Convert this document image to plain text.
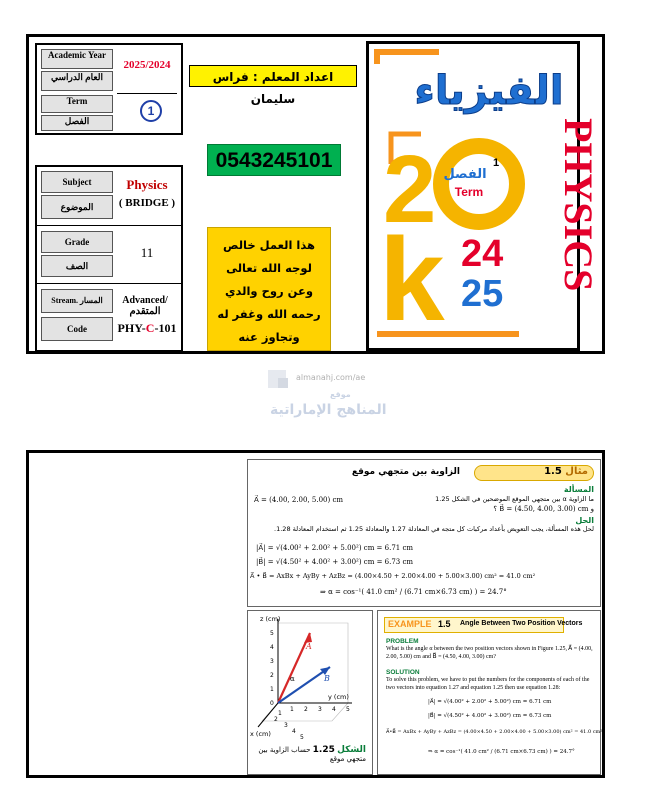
Academic Year
العام الدراسي
2025/2024
Term
الفصل
1
Subject
الموضوع
Physics
( BRIDGE )
Grade
الصف
11
Stream. المسار	Advanced/المتقدم
Code	PHY-C-101
اعداد المعلم : فراس سليمان
0543245101
هذا العمل خالص
لوجه الله تعالى
وعن روح والدي
رحمه الله وغفر له
وتجاوز عنه
الفيزياء
2 الفصل
Term
1
k 24
25
PHYSICS
almanahj.com/ae
موقع
المناهج الإماراتية
مثال 1.5
الزاوية بين متجهي موقع
المسألة
ما الزاوية α بين متجهي الموقع الموضحين في الشكل 1.25
A⃗ = (4.00, 2.00, 5.00) cm
و B⃗ = (4.50, 4.00, 3.00) cm ؟
الحل
لحل هذه المسألة، يجب التعويض بأعداد مركبات كل متجه في المعادلة 1.27 والمعادلة 1.25 ثم استخدام المعادلة 1.28.
|A⃗| = √(4.00² + 2.00² + 5.00²) cm = 6.71 cm
|B⃗| = √(4.50² + 4.00² + 3.00²) cm = 6.73 cm
A⃗ • B⃗ = AxBx + AyBy + AzBz = (4.00×4.50 + 2.00×4.00 + 5.00×3.00) cm² = 41.0 cm²
⇒ α = cos⁻¹( 41.0 cm² / (6.71 cm×6.73 cm) ) = 24.7°
A
B
α
z (cm)
y (cm)
x (cm)
5
4
3
2
1
0
1 2 3 4 5
1
2
3
4
5
الشكل 1.25 حساب الزاوية بين متجهي موقع
EXAMPLE 1.5 Angle Between Two Position Vectors
PROBLEM
What is the angle α between the two position vectors shown in Figure 1.25, A⃗ = (4.00, 2.00, 5.00) cm and B⃗ = (4.50, 4.00, 3.00) cm?
SOLUTION
To solve this problem, we have to put the numbers for the components of each of the two vectors into equation 1.27 and equation 1.25 then use equation 1.28:
|A⃗| = √(4.00² + 2.00² + 5.00²) cm = 6.71 cm
|B⃗| = √(4.50² + 4.00² + 3.00²) cm = 6.73 cm
A⃗•B⃗ = AxBx + AyBy + AzBz = (4.00×4.50 + 2.00×4.00 + 5.00×3.00) cm² = 41.0 cm²
⇒ α = cos⁻¹( 41.0 cm² / (6.71 cm×6.73 cm) ) = 24.7°
